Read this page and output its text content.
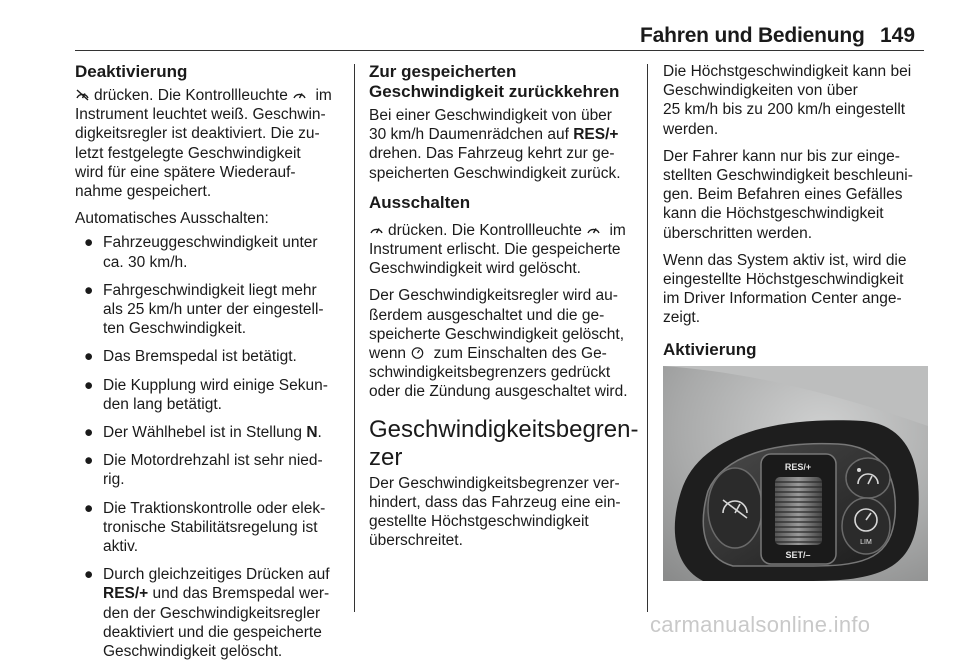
Fahren und Bedienung 149
Deaktivierung

drücken. Die Kontrollleuchte
im
Instrument leuchtet weiß. Geschwin-
digkeitsregler ist deaktiviert. Die zu-
letzt festgelegte Geschwindigkeit
wird für eine spätere Wiederauf-
nahme gespeichert.

Automatisches Ausschalten:

● Fahrzeuggeschwindigkeit unter
ca. 30 km/h.
● Fahrgeschwindigkeit liegt mehr
als 25 km/h unter der eingestell-
ten Geschwindigkeit.
● Das Bremspedal ist betätigt.
● Die Kupplung wird einige Sekun-
den lang betätigt.
● Der Wählhebel ist in Stellung N.
● Die Motordrehzahl ist sehr nied-
rig.
● Die Traktionskontrolle oder elek-
tronische Stabilitätsregelung ist
aktiv.
● Durch gleichzeitiges Drücken auf
RES/+ und das Bremspedal wer-
den der Geschwindigkeitsregler
deaktiviert und die gespeicherte
Geschwindigkeit gelöscht.
Zur gespeicherten
Geschwindigkeit zurückkehren

Bei einer Geschwindigkeit von über
30 km/h Daumenrädchen auf RES/+
drehen. Das Fahrzeug kehrt zur ge-
speicherten Geschwindigkeit zurück.

Ausschalten

drücken. Die Kontrollleuchte
im
Instrument erlischt. Die gespeicherte
Geschwindigkeit wird gelöscht.

Der Geschwindigkeitsregler wird au-
ßerdem ausgeschaltet und die ge-
speicherte Geschwindigkeit gelöscht,
wenn
zum Einschalten des Ge-
schwindigkeitsbegrenzers gedrückt
oder die Zündung ausgeschaltet wird.

Geschwindigkeitsbegren-
zer

Der Geschwindigkeitsbegrenzer ver-
hindert, dass das Fahrzeug eine ein-
gestellte Höchstgeschwindigkeit
überschreitet.

Die Höchstgeschwindigkeit kann bei
Geschwindigkeiten von über
25 km/h bis zu 200 km/h eingestellt
werden.

Der Fahrer kann nur bis zur einge-
stellten Geschwindigkeit beschleuni-
gen. Beim Befahren eines Gefälles
kann die Höchstgeschwindigkeit
überschritten werden.

Wenn das System aktiv ist, wird die
eingestellte Höchstgeschwindigkeit
im Driver Information Center ange-
zeigt.

Aktivierung
RES/+
SET/–
LIM
carmanualsonline.info
